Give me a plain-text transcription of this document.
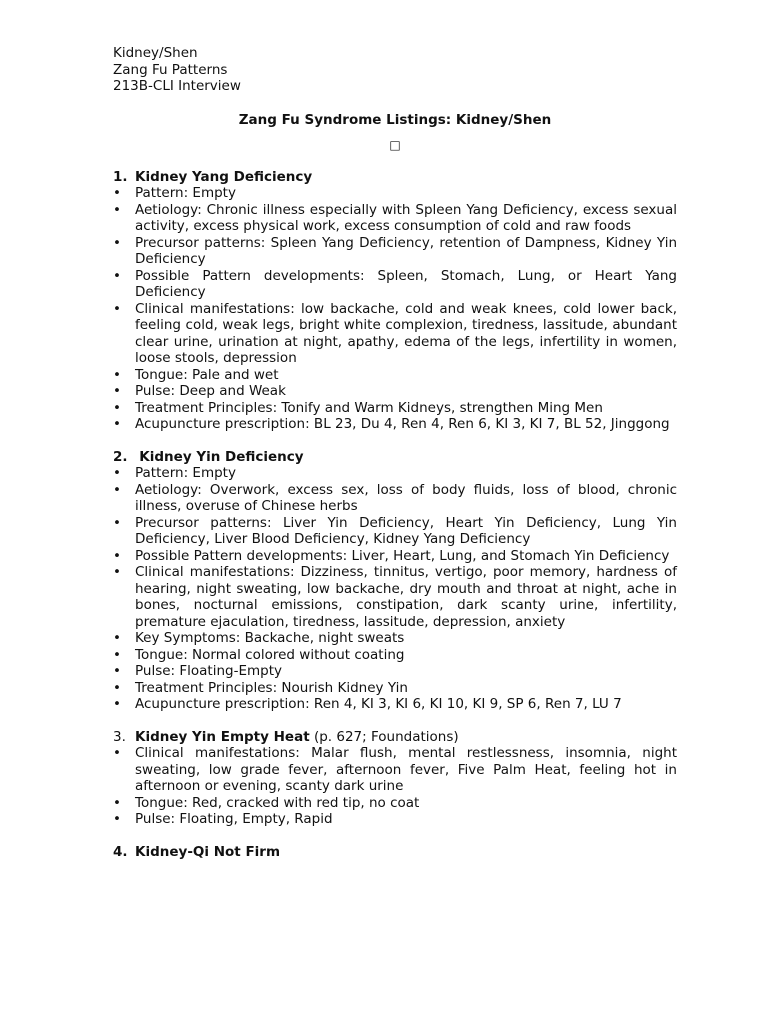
Kidney/Shen
Zang Fu Patterns
213B-CLI Interview
Zang Fu Syndrome Listings: Kidney/Shen
□
1. Kidney Yang Deficiency
• Pattern: Empty
• Aetiology: Chronic illness especially with Spleen Yang Deficiency, excess sexual activity, excess physical work, excess consumption of cold and raw foods
• Precursor patterns: Spleen Yang Deficiency, retention of Dampness, Kidney Yin Deficiency
• Possible Pattern developments: Spleen, Stomach, Lung, or Heart Yang Deficiency
• Clinical manifestations: low backache, cold and weak knees, cold lower back, feeling cold, weak legs, bright white complexion, tiredness, lassitude, abundant clear urine, urination at night, apathy, edema of the legs, infertility in women, loose stools, depression
• Tongue: Pale and wet
• Pulse: Deep and Weak
• Treatment Principles: Tonify and Warm Kidneys, strengthen Ming Men
• Acupuncture prescription: BL 23, Du 4, Ren 4, Ren 6, KI 3, KI 7, BL 52, Jinggong
2. Kidney Yin Deficiency
• Pattern: Empty
• Aetiology: Overwork, excess sex, loss of body fluids, loss of blood, chronic illness, overuse of Chinese herbs
• Precursor patterns: Liver Yin Deficiency, Heart Yin Deficiency, Lung Yin Deficiency, Liver Blood Deficiency, Kidney Yang Deficiency
• Possible Pattern developments: Liver, Heart, Lung, and Stomach Yin Deficiency
• Clinical manifestations: Dizziness, tinnitus, vertigo, poor memory, hardness of hearing, night sweating, low backache, dry mouth and throat at night, ache in bones, nocturnal emissions, constipation, dark scanty urine, infertility, premature ejaculation, tiredness, lassitude, depression, anxiety
• Key Symptoms: Backache, night sweats
• Tongue: Normal colored without coating
• Pulse: Floating-Empty
• Treatment Principles: Nourish Kidney Yin
• Acupuncture prescription: Ren 4, KI 3, KI 6, KI 10, KI 9, SP 6, Ren 7, LU 7
3. Kidney Yin Empty Heat (p. 627; Foundations)
• Clinical manifestations: Malar flush, mental restlessness, insomnia, night sweating, low grade fever, afternoon fever, Five Palm Heat, feeling hot in afternoon or evening, scanty dark urine
• Tongue: Red, cracked with red tip, no coat
• Pulse: Floating, Empty, Rapid
4. Kidney-Qi Not Firm
